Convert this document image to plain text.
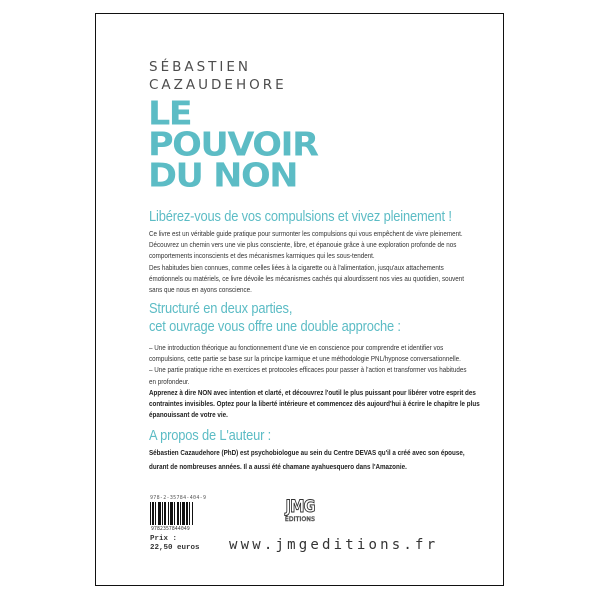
SÉBASTIEN
CAZAUDEHORE
LE
POUVOIR
DU NON
Libérez-vous de vos compulsions et vivez pleinement !
Ce livre est un véritable guide pratique pour surmonter les compulsions qui vous empêchent de vivre pleinement.
Découvrez un chemin vers une vie plus consciente, libre, et épanouie grâce à une exploration profonde de nos
comportements inconscients et des mécanismes karmiques qui les sous-tendent.
Des habitudes bien connues, comme celles liées à la cigarette ou à l'alimentation, jusqu'aux attachements
émotionnels ou matériels, ce livre dévoile les mécanismes cachés qui alourdissent nos vies au quotidien, souvent
sans que nous en ayons conscience.
Structuré en deux parties,
cet ouvrage vous offre une double approche :
– Une introduction théorique au fonctionnement d'une vie en conscience pour comprendre et identifier vos
compulsions, cette partie se base sur la principe karmique et une méthodologie PNL/hypnose conversationnelle.
– Une partie pratique riche en exercices et protocoles efficaces pour passer à l'action et transformer vos habitudes
en profondeur.
Apprenez à dire NON avec intention et clarté, et découvrez l'outil le plus puissant pour libérer votre esprit des
contraintes invisibles. Optez pour la liberté intérieure et commencez dès aujourd'hui à écrire le chapitre le plus
épanouissant de votre vie.
A propos de L'auteur :
Sébastien Cazaudehore (PhD) est psychobiologue au sein du Centre DEVAS qu'il a créé avec son épouse,
durant de nombreuses années. Il a aussi été chamane ayahuesquero dans l'Amazonie.
978-2-35784-404-9
9782357844049
Prix :
22,50 euros
JMG
ÉDITIONS
www.jmgeditions.fr
